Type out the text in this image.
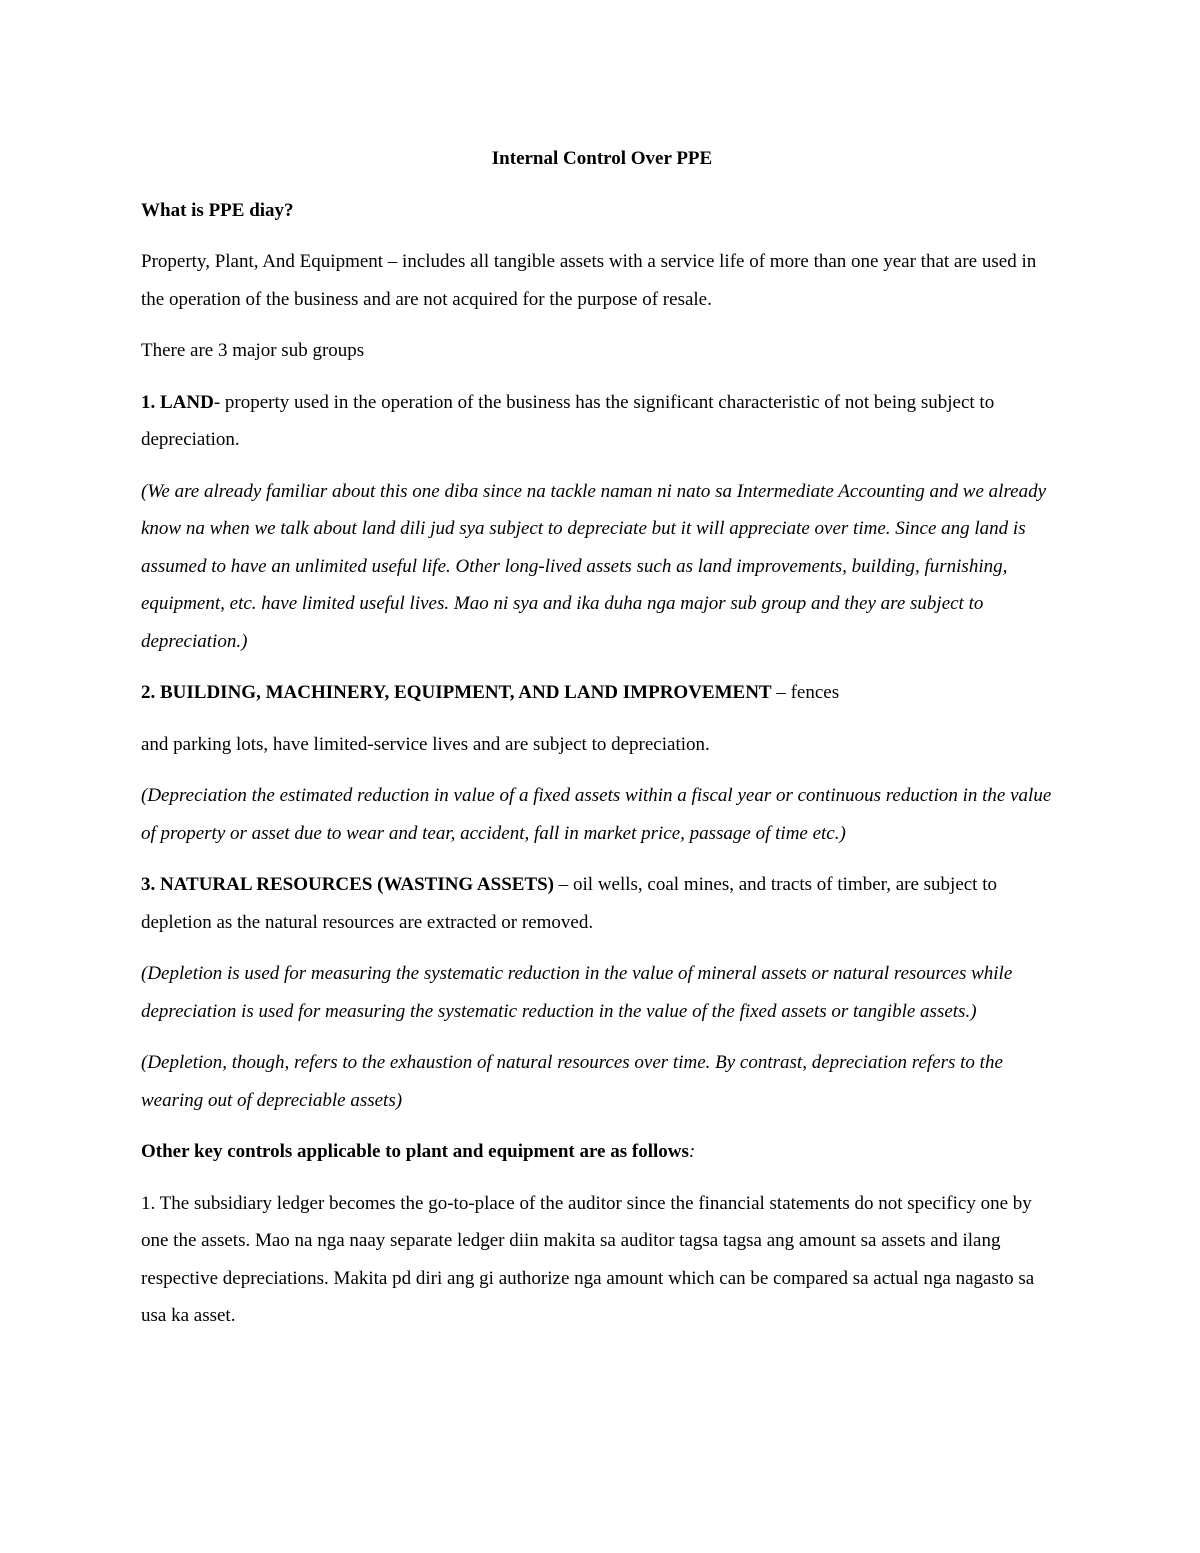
Internal Control Over PPE

What is PPE diay?

Property, Plant, And Equipment – includes all tangible assets with a service life of more than one year that are used in the operation of the business and are not acquired for the purpose of resale.

There are 3 major sub groups

1. LAND- property used in the operation of the business has the significant characteristic of not being subject to depreciation.

(We are already familiar about this one diba since na tackle naman ni nato sa Intermediate Accounting and we already know na when we talk about land dili jud sya subject to depreciate but it will appreciate over time. Since ang land is assumed to have an unlimited useful life. Other long-lived assets such as land improvements, building, furnishing, equipment, etc. have limited useful lives. Mao ni sya and ika duha nga major sub group and they are subject to depreciation.)

2. BUILDING, MACHINERY, EQUIPMENT, AND LAND IMPROVEMENT – fences

and parking lots, have limited-service lives and are subject to depreciation.

(Depreciation the estimated reduction in value of a fixed assets within a fiscal year or continuous reduction in the value of property or asset due to wear and tear, accident, fall in market price, passage of time etc.)

3. NATURAL RESOURCES (WASTING ASSETS) – oil wells, coal mines, and tracts of timber, are subject to depletion as the natural resources are extracted or removed.

(Depletion is used for measuring the systematic reduction in the value of mineral assets or natural resources while depreciation is used for measuring the systematic reduction in the value of the fixed assets or tangible assets.)

(Depletion, though, refers to the exhaustion of natural resources over time. By contrast, depreciation refers to the wearing out of depreciable assets)

Other key controls applicable to plant and equipment are as follows:

1. The subsidiary ledger becomes the go-to-place of the auditor since the financial statements do not specificy one by one the assets. Mao na nga naay separate ledger diin makita sa auditor tagsa tagsa ang amount sa assets and ilang respective depreciations. Makita pd diri ang gi authorize nga amount which can be compared sa actual nga nagasto sa usa ka asset.
